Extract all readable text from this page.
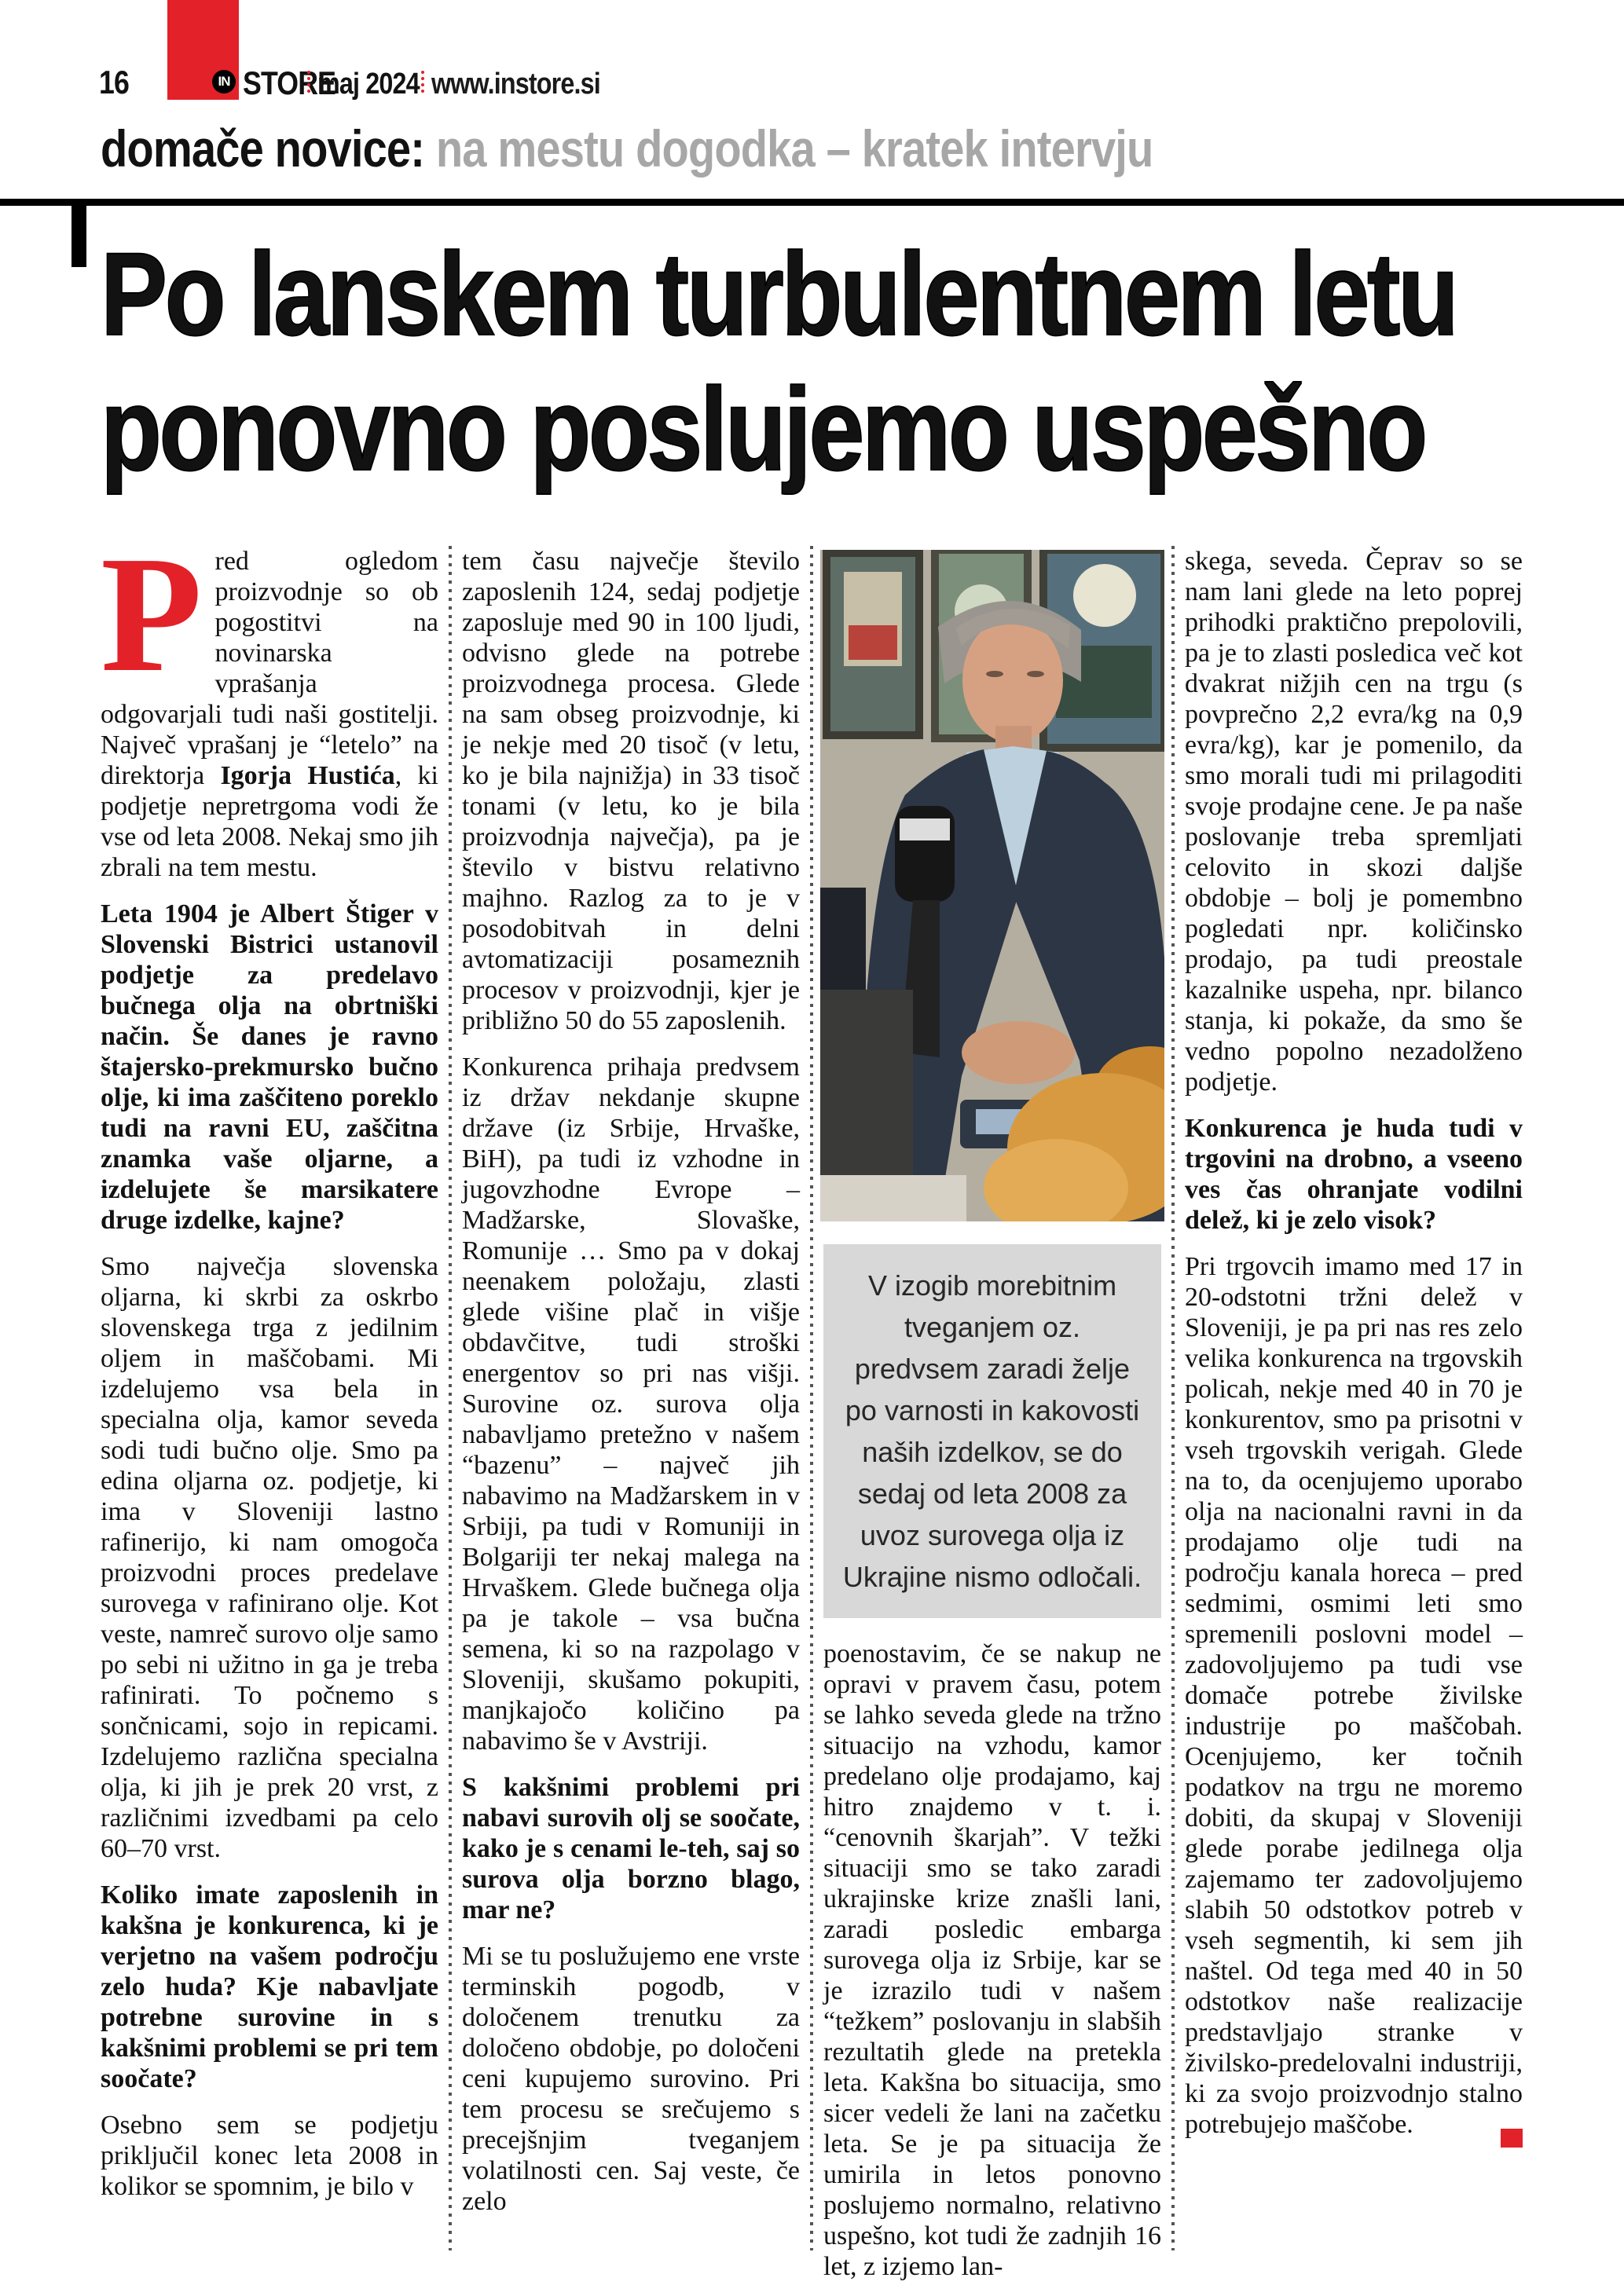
16	IN STORE
maj 2024 www.instore.si
domače novice: na mestu dogodka – kratek intervju
Po lanskem turbulentnem letu
ponovno poslujemo uspešno

Pred ogledom proizvodnje so ob pogostitvi na novinarska vprašanja odgovarjali tudi naši gostitelji. Največ vprašanj je “letelo” na direktorja Igorja Hustića, ki podjetje nepretrgoma vodi že vse od leta 2008. Nekaj smo jih zbrali na tem mestu.

Leta 1904 je Albert Štiger v Slovenski Bistrici ustanovil podjetje za predelavo bučnega olja na obrtniški način. Še danes je ravno štajersko-prekmursko bučno olje, ki ima zaščiteno poreklo tudi na ravni EU, zaščitna znamka vaše oljarne, a izdelujete še marsikatere druge izdelke, kajne?

Smo največja slovenska oljarna, ki skrbi za oskrbo slovenskega trga z jedilnim oljem in maščobami. Mi izdelujemo vsa bela in specialna olja, kamor seveda sodi tudi bučno olje. Smo pa edina oljarna oz. podjetje, ki ima v Sloveniji lastno rafinerijo, ki nam omogoča proizvodni proces predelave surovega v rafinirano olje. Kot veste, namreč surovo olje samo po sebi ni užitno in ga je treba rafinirati. To počnemo s sončnicami, sojo in repicami. Izdelujemo različna specialna olja, ki jih je prek 20 vrst, z različnimi izvedbami pa celo 60–70 vrst.

Koliko imate zaposlenih in kakšna je konkurenca, ki je verjetno na vašem področju zelo huda? Kje nabavljate potrebne surovine in s kakšnimi problemi se pri tem soočate?

Osebno sem se podjetju priključil konec leta 2008 in kolikor se spomnim, je bilo v

tem času največje število zaposlenih 124, sedaj podjetje zaposluje med 90 in 100 ljudi, odvisno glede na potrebe proizvodnega procesa. Glede na sam obseg proizvodnje, ki je nekje med 20 tisoč (v letu, ko je bila najnižja) in 33 tisoč tonami (v letu, ko je bila proizvodnja največja), pa je število v bistvu relativno majhno. Razlog za to je v posodobitvah in delni avtomatizaciji posameznih procesov v proizvodnji, kjer je približno 50 do 55 zaposlenih.

Konkurenca prihaja predvsem iz držav nekdanje skupne države (iz Srbije, Hrvaške, BiH), pa tudi iz vzhodne in jugovzhodne Evrope – Madžarske, Slovaške, Romunije … Smo pa v dokaj neenakem položaju, zlasti glede višine plač in višje obdavčitve, tudi stroški energentov so pri nas višji. Surovine oz. surova olja nabavljamo pretežno v našem “bazenu” – največ jih nabavimo na Madžarskem in v Srbiji, pa tudi v Romuniji in Bolgariji ter nekaj malega na Hrvaškem. Glede bučnega olja pa je takole – vsa bučna semena, ki so na razpolago v Sloveniji, skušamo pokupiti, manjkajočo količino pa nabavimo še v Avstriji.

S kakšnimi problemi pri nabavi surovih olj se soočate, kako je s cenami le-teh, saj so surova olja borzno blago, mar ne?

Mi se tu poslužujemo ene vrste terminskih pogodb, v določenem trenutku za določeno obdobje, po določeni ceni kupujemo surovino. Pri tem procesu se srečujemo s precejšnjim tveganjem volatilnosti cen. Saj veste, če zelo

V izogib morebitnim tveganjem oz. predvsem zaradi želje po varnosti in kakovosti naših izdelkov, se do sedaj od leta 2008 za uvoz surovega olja iz Ukrajine nismo odločali.

poenostavim, če se nakup ne opravi v pravem času, potem se lahko seveda glede na tržno situacijo na vzhodu, kamor predelano olje prodajamo, kaj hitro znajdemo v t. i. “cenovnih škarjah”. V težki situaciji smo se tako zaradi ukrajinske krize znašli lani, zaradi posledic embarga surovega olja iz Srbije, kar se je izrazilo tudi v našem “težkem” poslovanju in slabših rezultatih glede na pretekla leta. Kakšna bo situacija, smo sicer vedeli že lani na začetku leta. Se je pa situacija že umirila in letos ponovno poslujemo normalno, relativno uspešno, kot tudi že zadnjih 16 let, z izjemo lan-

skega, seveda. Čeprav so se nam lani glede na leto poprej prihodki praktično prepolovili, pa je to zlasti posledica več kot dvakrat nižjih cen na trgu (s povprečno 2,2 evra/kg na 0,9 evra/kg), kar je pomenilo, da smo morali tudi mi prilagoditi svoje prodajne cene. Je pa naše poslovanje treba spremljati celovito in skozi daljše obdobje – bolj je pomembno pogledati npr. količinsko prodajo, pa tudi preostale kazalnike uspeha, npr. bilanco stanja, ki pokaže, da smo še vedno popolno nezadolženo podjetje.

Konkurenca je huda tudi v trgovini na drobno, a vseeno ves čas ohranjate vodilni delež, ki je zelo visok?

Pri trgovcih imamo med 17 in 20-odstotni tržni delež v Sloveniji, je pa pri nas res zelo velika konkurenca na trgovskih policah, nekje med 40 in 70 je konkurentov, smo pa prisotni v vseh trgovskih verigah. Glede na to, da ocenjujemo uporabo olja na nacionalni ravni in da prodajamo olje tudi na področju kanala horeca – pred sedmimi, osmimi leti smo spremenili poslovni model – zadovoljujemo pa tudi vse domače potrebe živilske industrije po maščobah. Ocenjujemo, ker točnih podatkov na trgu ne moremo dobiti, da skupaj v Sloveniji glede porabe jedilnega olja zajemamo ter zadovoljujemo slabih 50 odstotkov potreb v vseh segmentih, ki sem jih naštel. Od tega med 40 in 50 odstotkov naše realizacije predstavljajo stranke v živilsko-predelovalni industriji, ki za svojo proizvodnjo stalno potrebujejo maščobe.
